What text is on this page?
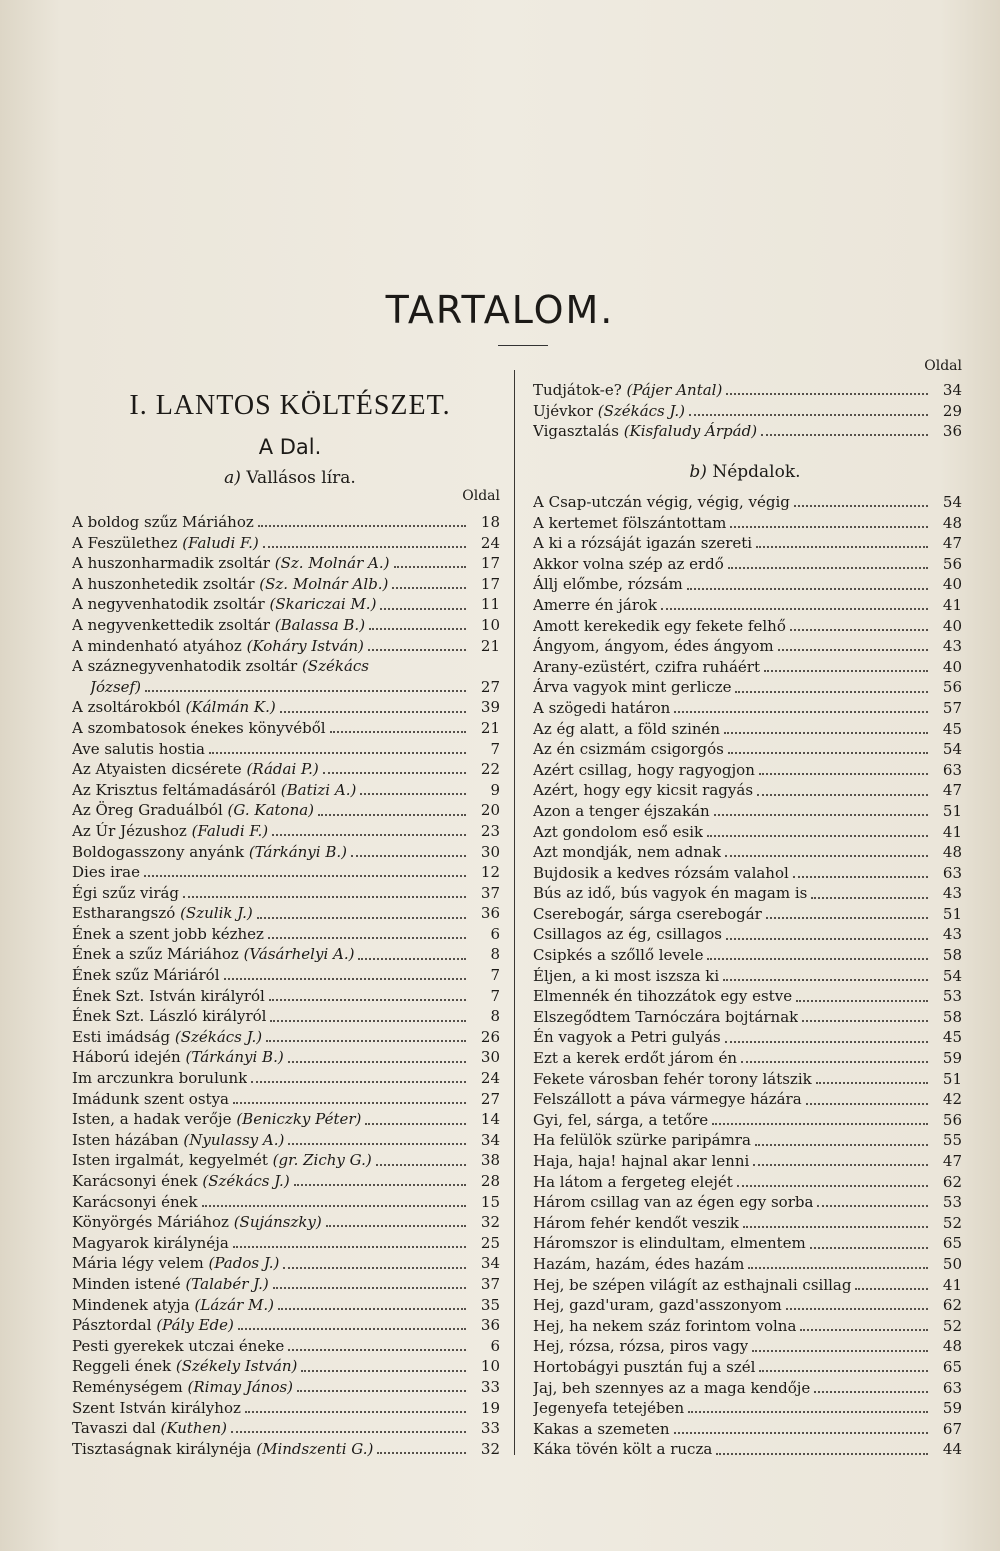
TARTALOM.
I. LANTOS KÖLTÉSZET.
A Dal.
a) Vallásos líra.
Oldal
A boldog szűz Máriához	18
A Feszülethez (Faludi F.)	24
A huszonharmadik zsoltár (Sz. Molnár A.)	17
A huszonhetedik zsoltár (Sz. Molnár Alb.)	17
A negyvenhatodik zsoltár (Skariczai M.)	11
A negyvenkettedik zsoltár (Balassa B.)	10
A mindenható atyához (Koháry István)	21
A száznegyvenhatodik zsoltár (Székács
József)	27
A zsoltárokból (Kálmán K.)	39
A szombatosok énekes könyvéből	21
Ave salutis hostia	7
Az Atyaisten dicsérete (Rádai P.)	22
Az Krisztus feltámadásáról (Batizi A.)	9
Az Öreg Graduálból (G. Katona)	20
Az Úr Jézushoz (Faludi F.)	23
Boldogasszony anyánk (Tárkányi B.)	30
Dies irae	12
Égi szűz virág	37
Estharangszó (Szulik J.)	36
Ének a szent jobb kézhez	6
Ének a szűz Máriához (Vásárhelyi A.)	8
Ének szűz Máriáról	7
Ének Szt. István királyról	7
Ének Szt. László királyról	8
Esti imádság (Székács J.)	26
Háború idején (Tárkányi B.)	30
Im arczunkra borulunk	24
Imádunk szent ostya	27
Isten, a hadak verője (Beniczky Péter)	14
Isten házában (Nyulassy A.)	34
Isten irgalmát, kegyelmét (gr. Zichy G.)	38
Karácsonyi ének (Székács J.)	28
Karácsonyi ének	15
Könyörgés Máriához (Sujánszky)	32
Magyarok királynéja	25
Mária légy velem (Pados J.)	34
Minden istené (Talabér J.)	37
Mindenek atyja (Lázár M.)	35
Pásztordal (Pály Ede)	36
Pesti gyerekek utczai éneke	6
Reggeli ének (Székely István)	10
Reménységem (Rimay János)	33
Szent István királyhoz	19
Tavaszi dal (Kuthen)	33
Tisztaságnak királynéja (Mindszenti G.)	32
Oldal
Tudjátok-e? (Pájer Antal)	34
Ujévkor (Székács J.)	29
Vigasztalás (Kisfaludy Árpád)	36
b) Népdalok.
A Csap-utczán végig, végig, végig	54
A kertemet fölszántottam	48
A ki a rózsáját igazán szereti	47
Akkor volna szép az erdő	56
Állj előmbe, rózsám	40
Amerre én járok	41
Amott kerekedik egy fekete felhő	40
Ángyom, ángyom, édes ángyom	43
Arany-ezüstért, czifra ruháért	40
Árva vagyok mint gerlicze	56
A szögedi határon	57
Az ég alatt, a föld szinén	45
Az én csizmám csigorgós	54
Azért csillag, hogy ragyogjon	63
Azért, hogy egy kicsit ragyás	47
Azon a tenger éjszakán	51
Azt gondolom eső esik	41
Azt mondják, nem adnak	48
Bujdosik a kedves rózsám valahol	63
Bús az idő, bús vagyok én magam is	43
Cserebogár, sárga cserebogár	51
Csillagos az ég, csillagos	43
Csipkés a szőllő levele	58
Éljen, a ki most iszsza ki	54
Elmennék én tihozzátok egy estve	53
Elszegődtem Tarnóczára bojtárnak	58
Én vagyok a Petri gulyás	45
Ezt a kerek erdőt járom én	59
Fekete városban fehér torony látszik	51
Felszállott a páva vármegye házára	42
Gyi, fel, sárga, a tetőre	56
Ha felülök szürke paripámra	55
Haja, haja! hajnal akar lenni	47
Ha látom a fergeteg elejét	62
Három csillag van az égen egy sorba	53
Három fehér kendőt veszik	52
Háromszor is elindultam, elmentem	65
Hazám, hazám, édes hazám	50
Hej, be szépen világít az esthajnali csillag	41
Hej, gazd'uram, gazd'asszonyom	62
Hej, ha nekem száz forintom volna	52
Hej, rózsa, rózsa, piros vagy	48
Hortobágyi pusztán fuj a szél	65
Jaj, beh szennyes az a maga kendője	63
Jegenyefa tetejében	59
Kakas a szemeten	67
Káka tövén költ a rucza	44
